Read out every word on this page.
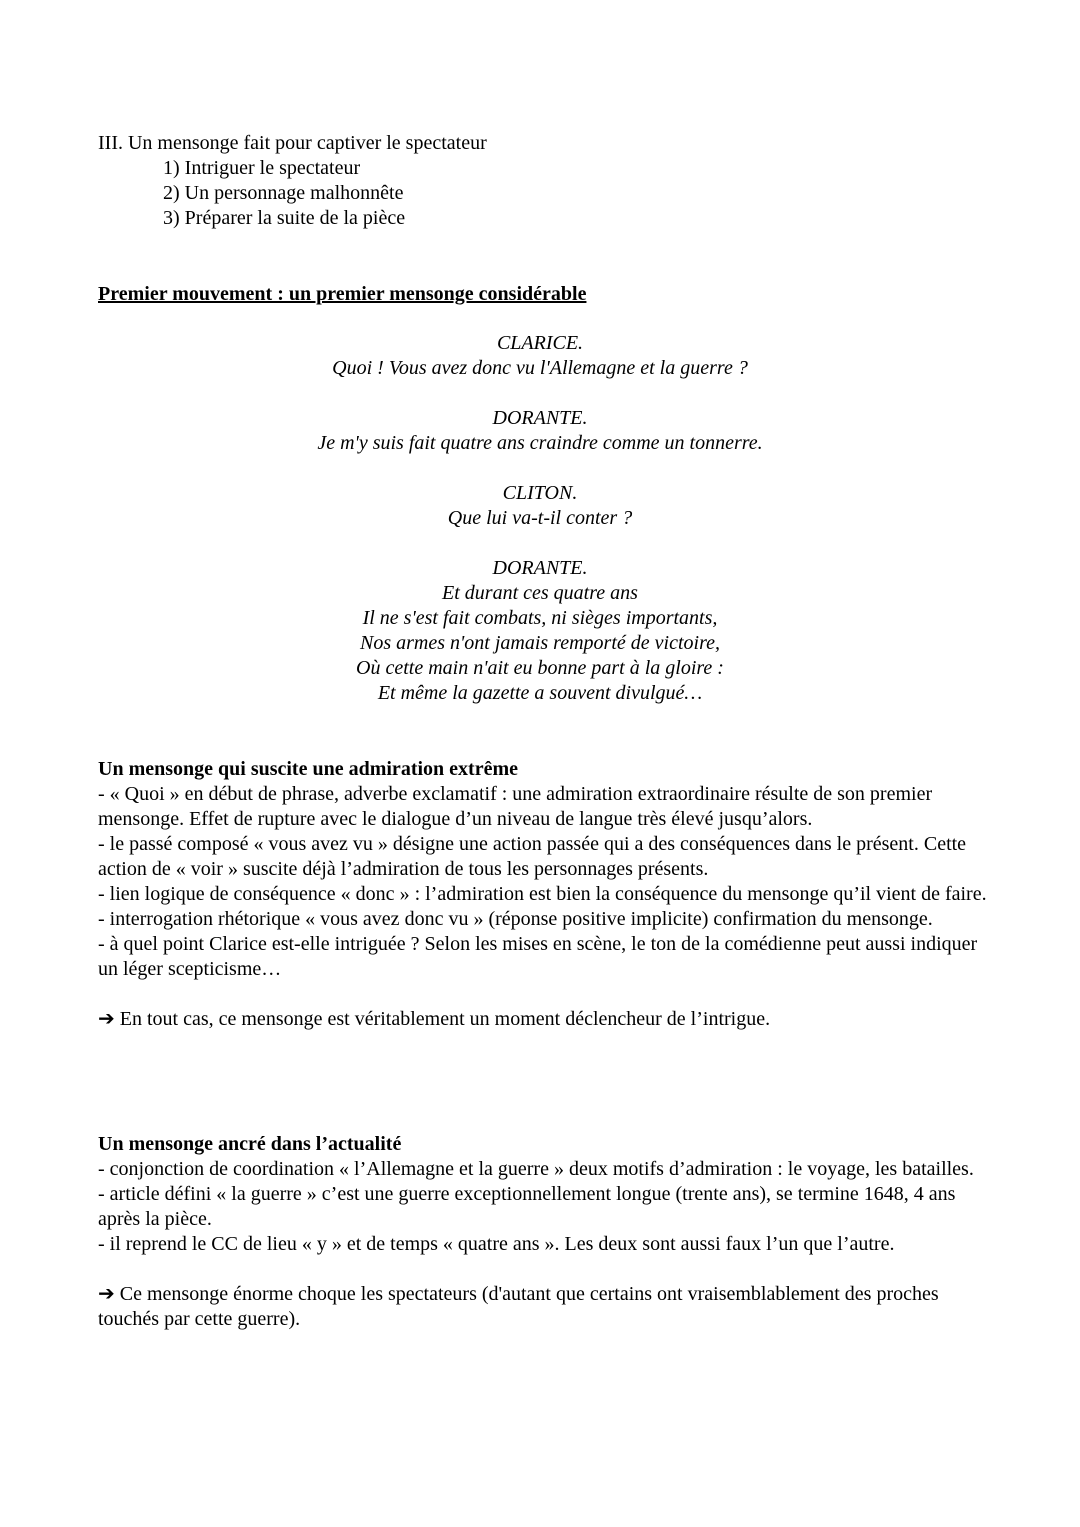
III. Un mensonge fait pour captiver le spectateur
1) Intriguer le spectateur
2) Un personnage malhonnête
3) Préparer la suite de la pièce
Premier mouvement : un premier mensonge considérable
CLARICE.
Quoi ! Vous avez donc vu l'Allemagne et la guerre ?
DORANTE.
Je m'y suis fait quatre ans craindre comme un tonnerre.
CLITON.
Que lui va-t-il conter ?
DORANTE.
Et durant ces quatre ans
Il ne s'est fait combats, ni sièges importants,
Nos armes n'ont jamais remporté de victoire,
Où cette main n'ait eu bonne part à la gloire :
Et même la gazette a souvent divulgué…
Un mensonge qui suscite une admiration extrême

- « Quoi » en début de phrase, adverbe exclamatif : une admiration extraordinaire résulte de son premier mensonge. Effet de rupture avec le dialogue d’un niveau de langue très élevé jusqu’alors.

- le passé composé « vous avez vu » désigne une action passée qui a des conséquences dans le présent. Cette action de « voir » suscite déjà l’admiration de tous les personnages présents.

- lien logique de conséquence « donc » : l’admiration est bien la conséquence du mensonge qu’il vient de faire.

- interrogation rhétorique « vous avez donc vu » (réponse positive implicite) confirmation du mensonge.

- à quel point Clarice est-elle intriguée ? Selon les mises en scène, le ton de la comédienne peut aussi indiquer un léger scepticisme…

➔ En tout cas, ce mensonge est véritablement un moment déclencheur de l’intrigue.

Un mensonge ancré dans l’actualité

- conjonction de coordination « l’Allemagne et la guerre » deux motifs d’admiration : le voyage, les batailles.

- article défini « la guerre » c’est une guerre exceptionnellement longue (trente ans), se termine 1648, 4 ans après la pièce.

- il reprend le CC de lieu « y » et de temps « quatre ans ». Les deux sont aussi faux l’un que l’autre.

➔ Ce mensonge énorme choque les spectateurs (d'autant que certains ont vraisemblablement des proches touchés par cette guerre).
